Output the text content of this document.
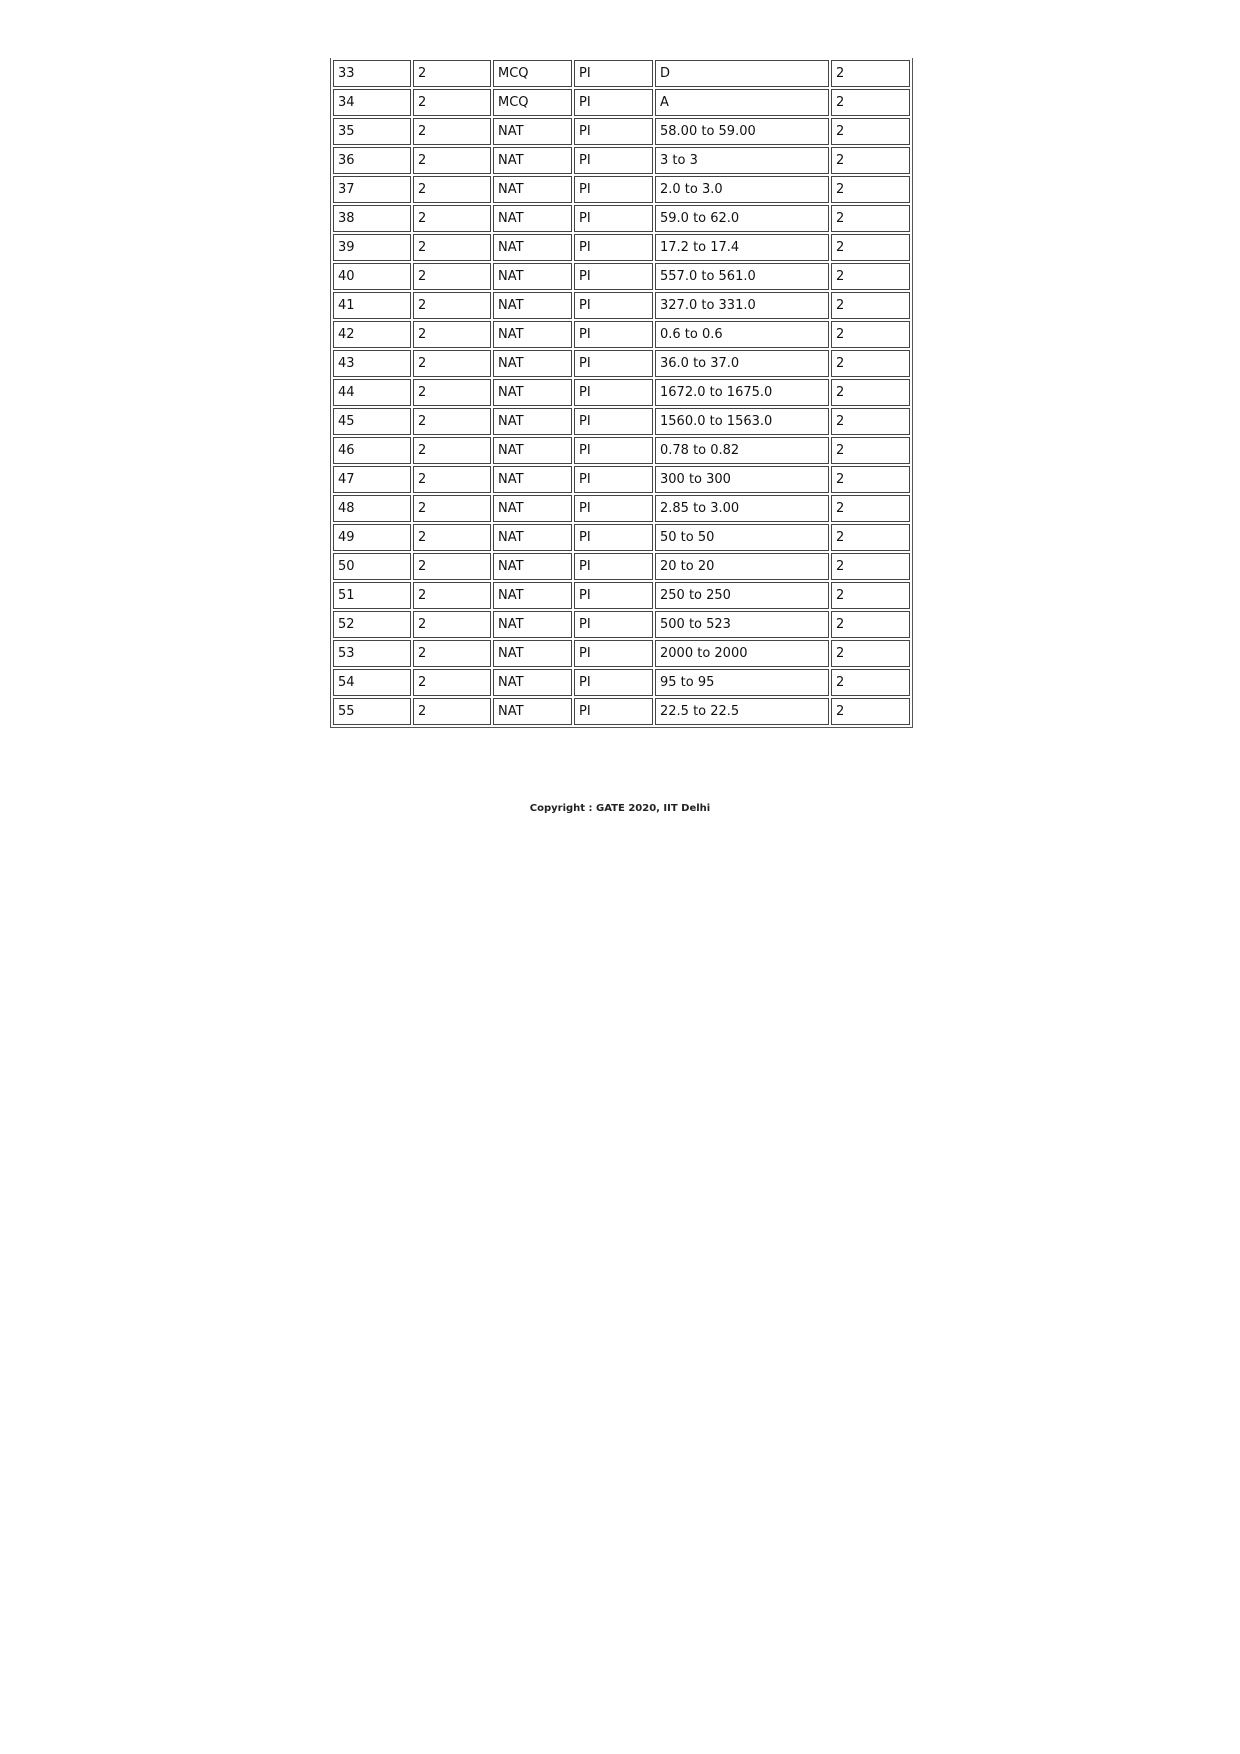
33	2	MCQ	PI	D	2
34	2	MCQ	PI	A	2
35	2	NAT	PI	58.00 to 59.00	2
36	2	NAT	PI	3 to 3	2
37	2	NAT	PI	2.0 to 3.0	2
38	2	NAT	PI	59.0 to 62.0	2
39	2	NAT	PI	17.2 to 17.4	2
40	2	NAT	PI	557.0 to 561.0	2
41	2	NAT	PI	327.0 to 331.0	2
42	2	NAT	PI	0.6 to 0.6	2
43	2	NAT	PI	36.0 to 37.0	2
44	2	NAT	PI	1672.0 to 1675.0	2
45	2	NAT	PI	1560.0 to 1563.0	2
46	2	NAT	PI	0.78 to 0.82	2
47	2	NAT	PI	300 to 300	2
48	2	NAT	PI	2.85 to 3.00	2
49	2	NAT	PI	50 to 50	2
50	2	NAT	PI	20 to 20	2
51	2	NAT	PI	250 to 250	2
52	2	NAT	PI	500 to 523	2
53	2	NAT	PI	2000 to 2000	2
54	2	NAT	PI	95 to 95	2
55	2	NAT	PI	22.5 to 22.5	2
Copyright : GATE 2020, IIT Delhi
